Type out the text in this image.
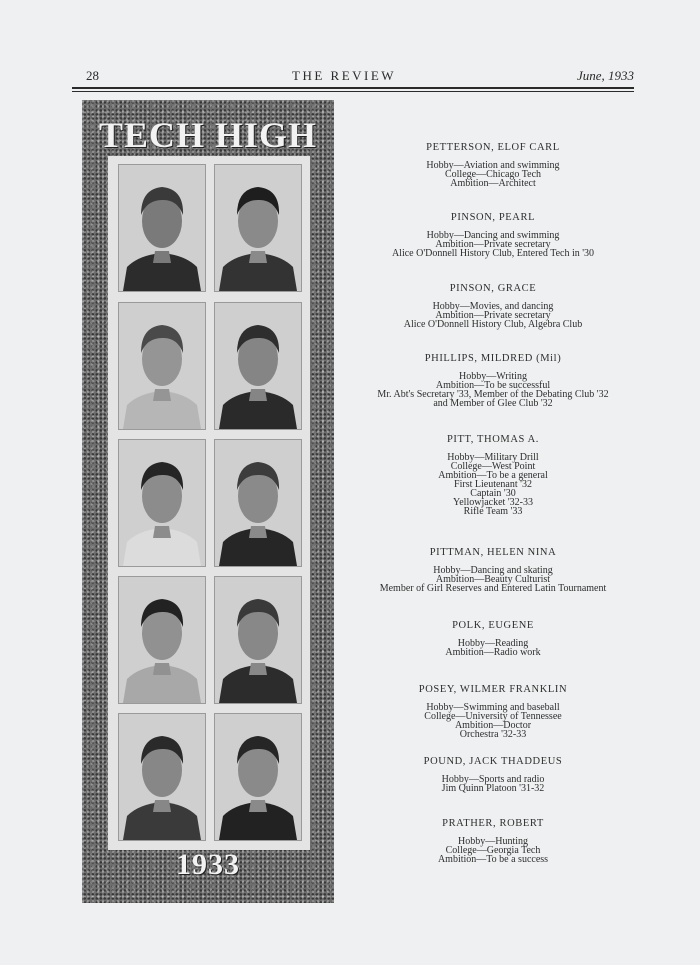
28	THE REVIEW	June, 1933
TECH HIGH
1933
PETTERSON, ELOF CARL
Hobby—Aviation and swimming
College—Chicago Tech
Ambition—Architect
PINSON, PEARL
Hobby—Dancing and swimming
Ambition—Private secretary
Alice O'Donnell History Club, Entered Tech in '30
PINSON, GRACE
Hobby—Movies, and dancing
Ambition—Private secretary
Alice O'Donnell History Club, Algebra Club
PHILLIPS, MILDRED (Mil)
Hobby—Writing
Ambition—To be successful
Mr. Abt's Secretary '33, Member of the Debating Club '32
and Member of Glee Club '32
PITT, THOMAS A.
Hobby—Military Drill
College—West Point
Ambition—To be a general
First Lieutenant '32
Captain '30
Yellowjacket '32-33
Rifle Team '33
PITTMAN, HELEN NINA
Hobby—Dancing and skating
Ambition—Beauty Culturist
Member of Girl Reserves and Entered Latin Tournament
POLK, EUGENE
Hobby—Reading
Ambition—Radio work
POSEY, WILMER FRANKLIN
Hobby—Swimming and baseball
College—University of Tennessee
Ambition—Doctor
Orchestra '32-33
POUND, JACK THADDEUS
Hobby—Sports and radio
Jim Quinn Platoon '31-32
PRATHER, ROBERT
Hobby—Hunting
College—Georgia Tech
Ambition—To be a success
